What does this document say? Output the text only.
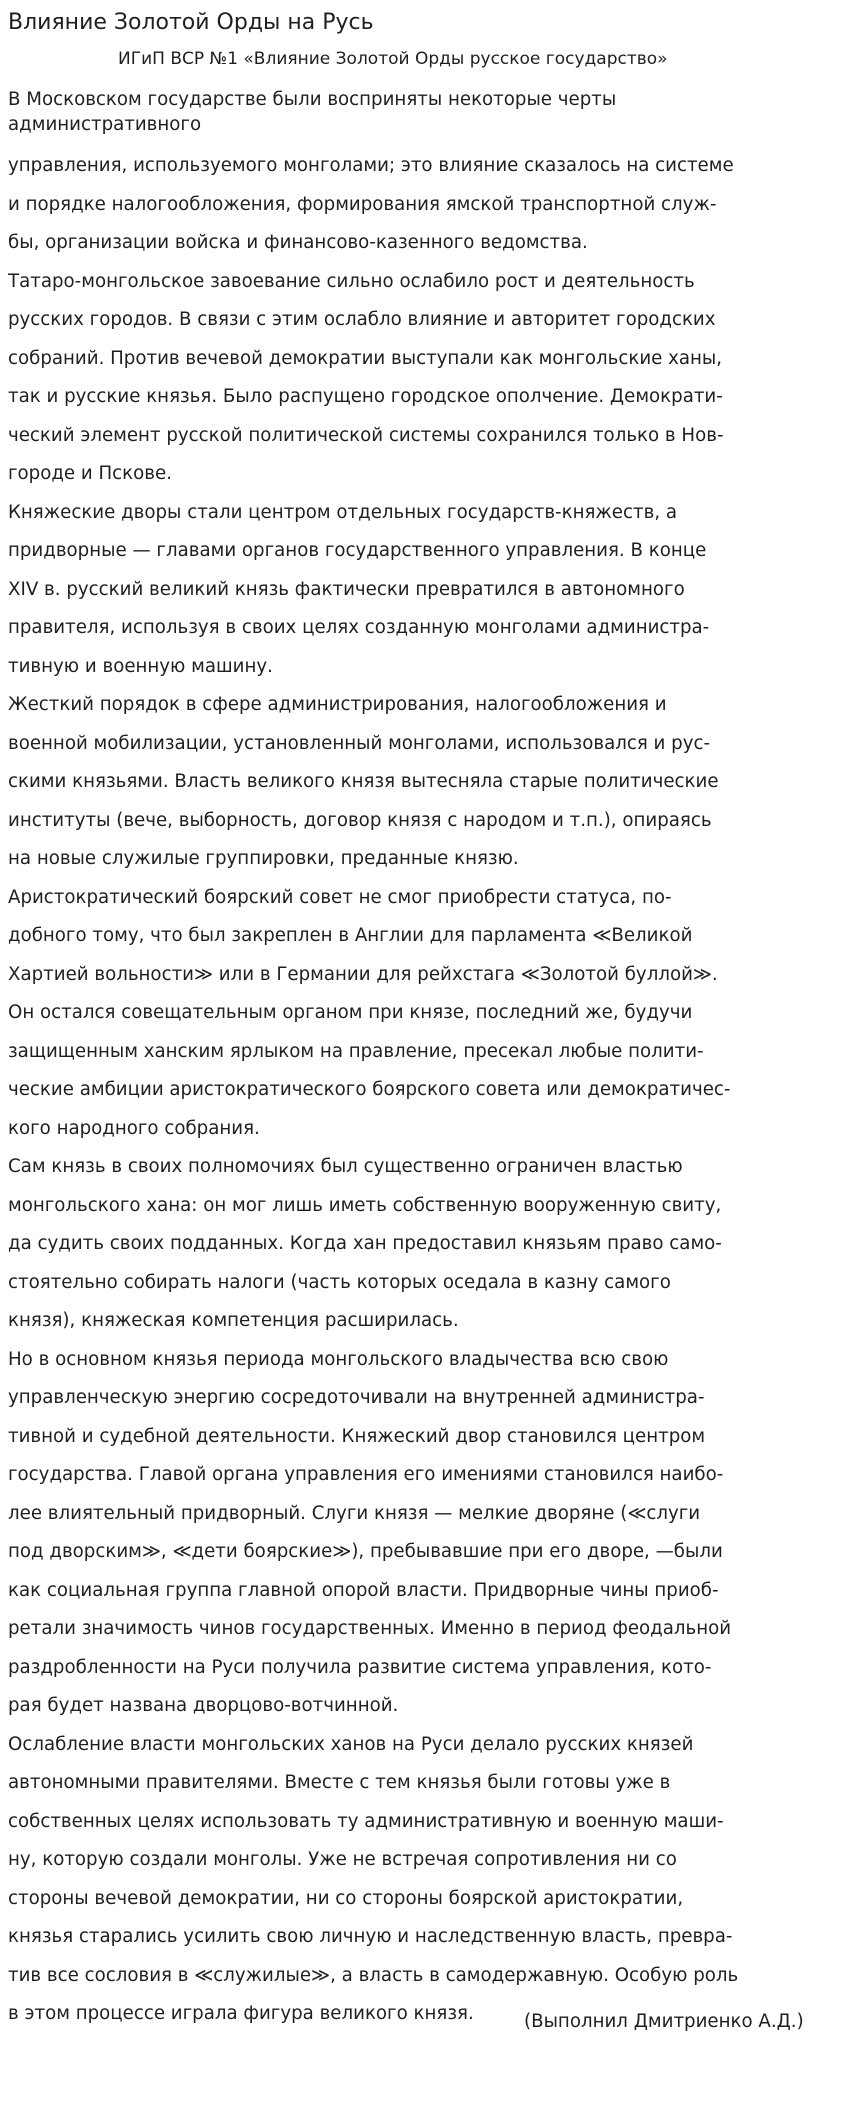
Влияние Золотой Орды на Русь
ИГиП ВСР №1 «Влияние Золотой Орды русское государство»
В Московском государстве были восприняты некоторые черты
административного
управления, используемого монголами; это влияние сказалось на системе
и порядке налогообложения, формирования ямской транспортной служ-
бы, организации войска и финансово-казенного ведомства.
Татаро-монгольское завоевание сильно ослабило рост и деятельность
русских городов. В связи с этим ослабло влияние и авторитет городских
собраний. Против вечевой демократии выступали как монгольские ханы,
так и русские князья. Было распущено городское ополчение. Демократи-
ческий элемент русской политической системы сохранился только в Нов-
городе и Пскове.
Княжеские дворы стали центром отдельных государств-княжеств, а
придворные — главами органов государственного управления. В конце
XIV в. русский великий князь фактически превратился в автономного
правителя, используя в своих целях созданную монголами администра-
тивную и военную машину.
Жесткий порядок в сфере администрирования, налогообложения и
военной мобилизации, установленный монголами, использовался и рус-
скими князьями. Власть великого князя вытесняла старые политические
институты (вече, выборность, договор князя с народом и т.п.), опираясь
на новые служилые группировки, преданные князю.
Аристократический боярский совет не смог приобрести статуса, по-
добного тому, что был закреплен в Англии для парламента ≪Великой
Хартией вольности≫ или в Германии для рейхстага ≪Золотой буллой≫.
Он остался совещательным органом при князе, последний же, будучи
защищенным ханским ярлыком на правление, пресекал любые полити-
ческие амбиции аристократического боярского совета или демократичес-
кого народного собрания.
Сам князь в своих полномочиях был существенно ограничен властью
монгольского хана: он мог лишь иметь собственную вооруженную свиту,
да судить своих подданных. Когда хан предоставил князьям право само-
стоятельно собирать налоги (часть которых оседала в казну самого
князя), княжеская компетенция расширилась.
Но в основном князья периода монгольского владычества всю свою
управленческую энергию сосредоточивали на внутренней администра-
тивной и судебной деятельности. Княжеский двор становился центром
государства. Главой органа управления его имениями становился наибо-
лее влиятельный придворный. Слуги князя — мелкие дворяне (≪слуги
под дворским≫, ≪дети боярские≫), пребывавшие при его дворе, —были
как социальная группа главной опорой власти. Придворные чины приоб-
ретали значимость чинов государственных. Именно в период феодальной
раздробленности на Руси получила развитие система управления, кото-
рая будет названа дворцово-вотчинной.
Ослабление власти монгольских ханов на Руси делало русских князей
автономными правителями. Вместе с тем князья были готовы уже в
собственных целях использовать ту административную и военную маши-
ну, которую создали монголы. Уже не встречая сопротивления ни со
стороны вечевой демократии, ни со стороны боярской аристократии,
князья старались усилить свою личную и наследственную власть, превра-
тив все сословия в ≪служилые≫, а власть в самодержавную. Особую роль
в этом процессе играла фигура великого князя.	(Выполнил Дмитриенко А.Д.)
